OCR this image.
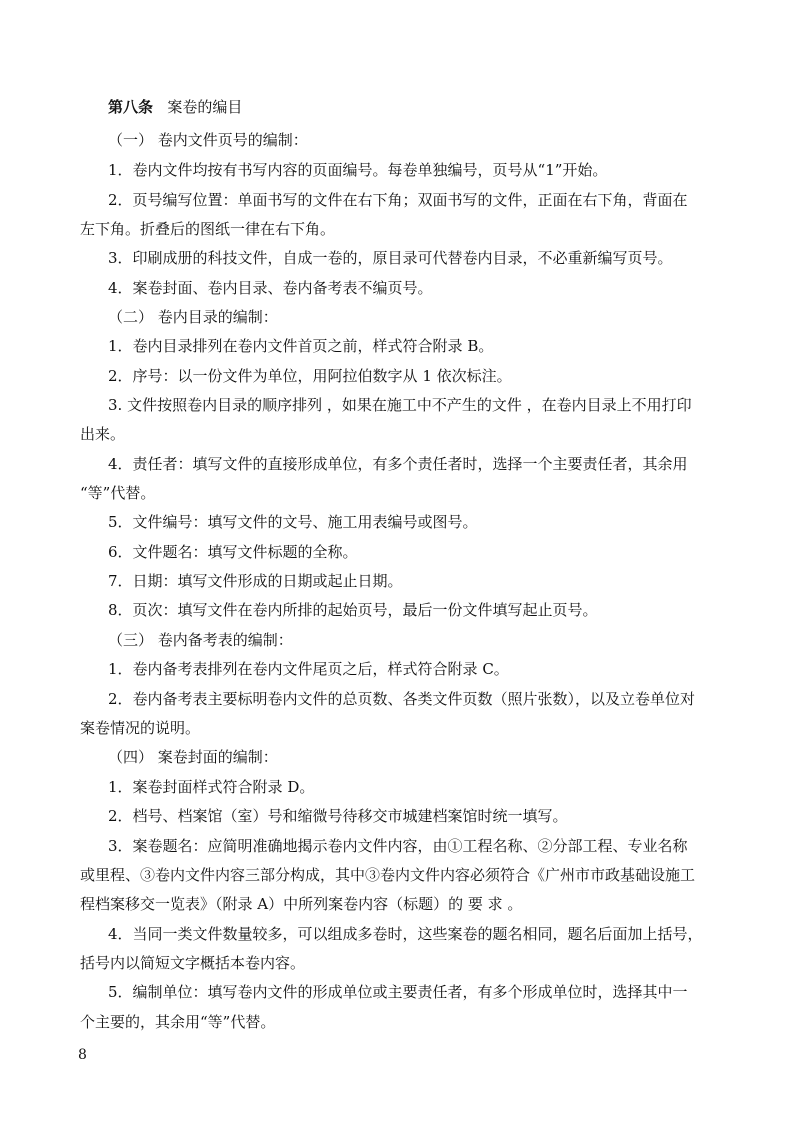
第八条 案卷的编目
（一） 卷内文件页号的编制：
1．卷内文件均按有书写内容的页面编号。每卷单独编号，页号从“1”开始。
2．页号编写位置：单面书写的文件在右下角；双面书写的文件，正面在右下角，背面在
左下角。折叠后的图纸一律在右下角。
3．印刷成册的科技文件，自成一卷的，原目录可代替卷内目录，不必重新编写页号。
4．案卷封面、卷内目录、卷内备考表不编页号。
（二） 卷内目录的编制：
1．卷内目录排列在卷内文件首页之前，样式符合附录 B。
2．序号：以一份文件为单位，用阿拉伯数字从 1 依次标注。
3. 文件按照卷内目录的顺序排列 ，如果在施工中不产生的文件 ，在卷内目录上不用打印
出来。
4．责任者：填写文件的直接形成单位，有多个责任者时，选择一个主要责任者，其余用
“等”代替。
5．文件编号：填写文件的文号、施工用表编号或图号。
6．文件题名：填写文件标题的全称。
7．日期：填写文件形成的日期或起止日期。
8．页次：填写文件在卷内所排的起始页号，最后一份文件填写起止页号。
（三） 卷内备考表的编制：
1．卷内备考表排列在卷内文件尾页之后，样式符合附录 C。
2．卷内备考表主要标明卷内文件的总页数、各类文件页数（照片张数），以及立卷单位对
案卷情况的说明。
（四） 案卷封面的编制：
1．案卷封面样式符合附录 D。
2．档号、档案馆（室）号和缩微号待移交市城建档案馆时统一填写。
3．案卷题名：应简明准确地揭示卷内文件内容，由①工程名称、②分部工程、专业名称
或里程、③卷内文件内容三部分构成，其中③卷内文件内容必须符合《广州市市政基础设施工
程档案移交一览表》（附录 A）中所列案卷内容（标题）的 要 求 。
4．当同一类文件数量较多，可以组成多卷时，这些案卷的题名相同，题名后面加上括号，
括号内以简短文字概括本卷内容。
5．编制单位：填写卷内文件的形成单位或主要责任者，有多个形成单位时，选择其中一
个主要的，其余用“等”代替。
8
